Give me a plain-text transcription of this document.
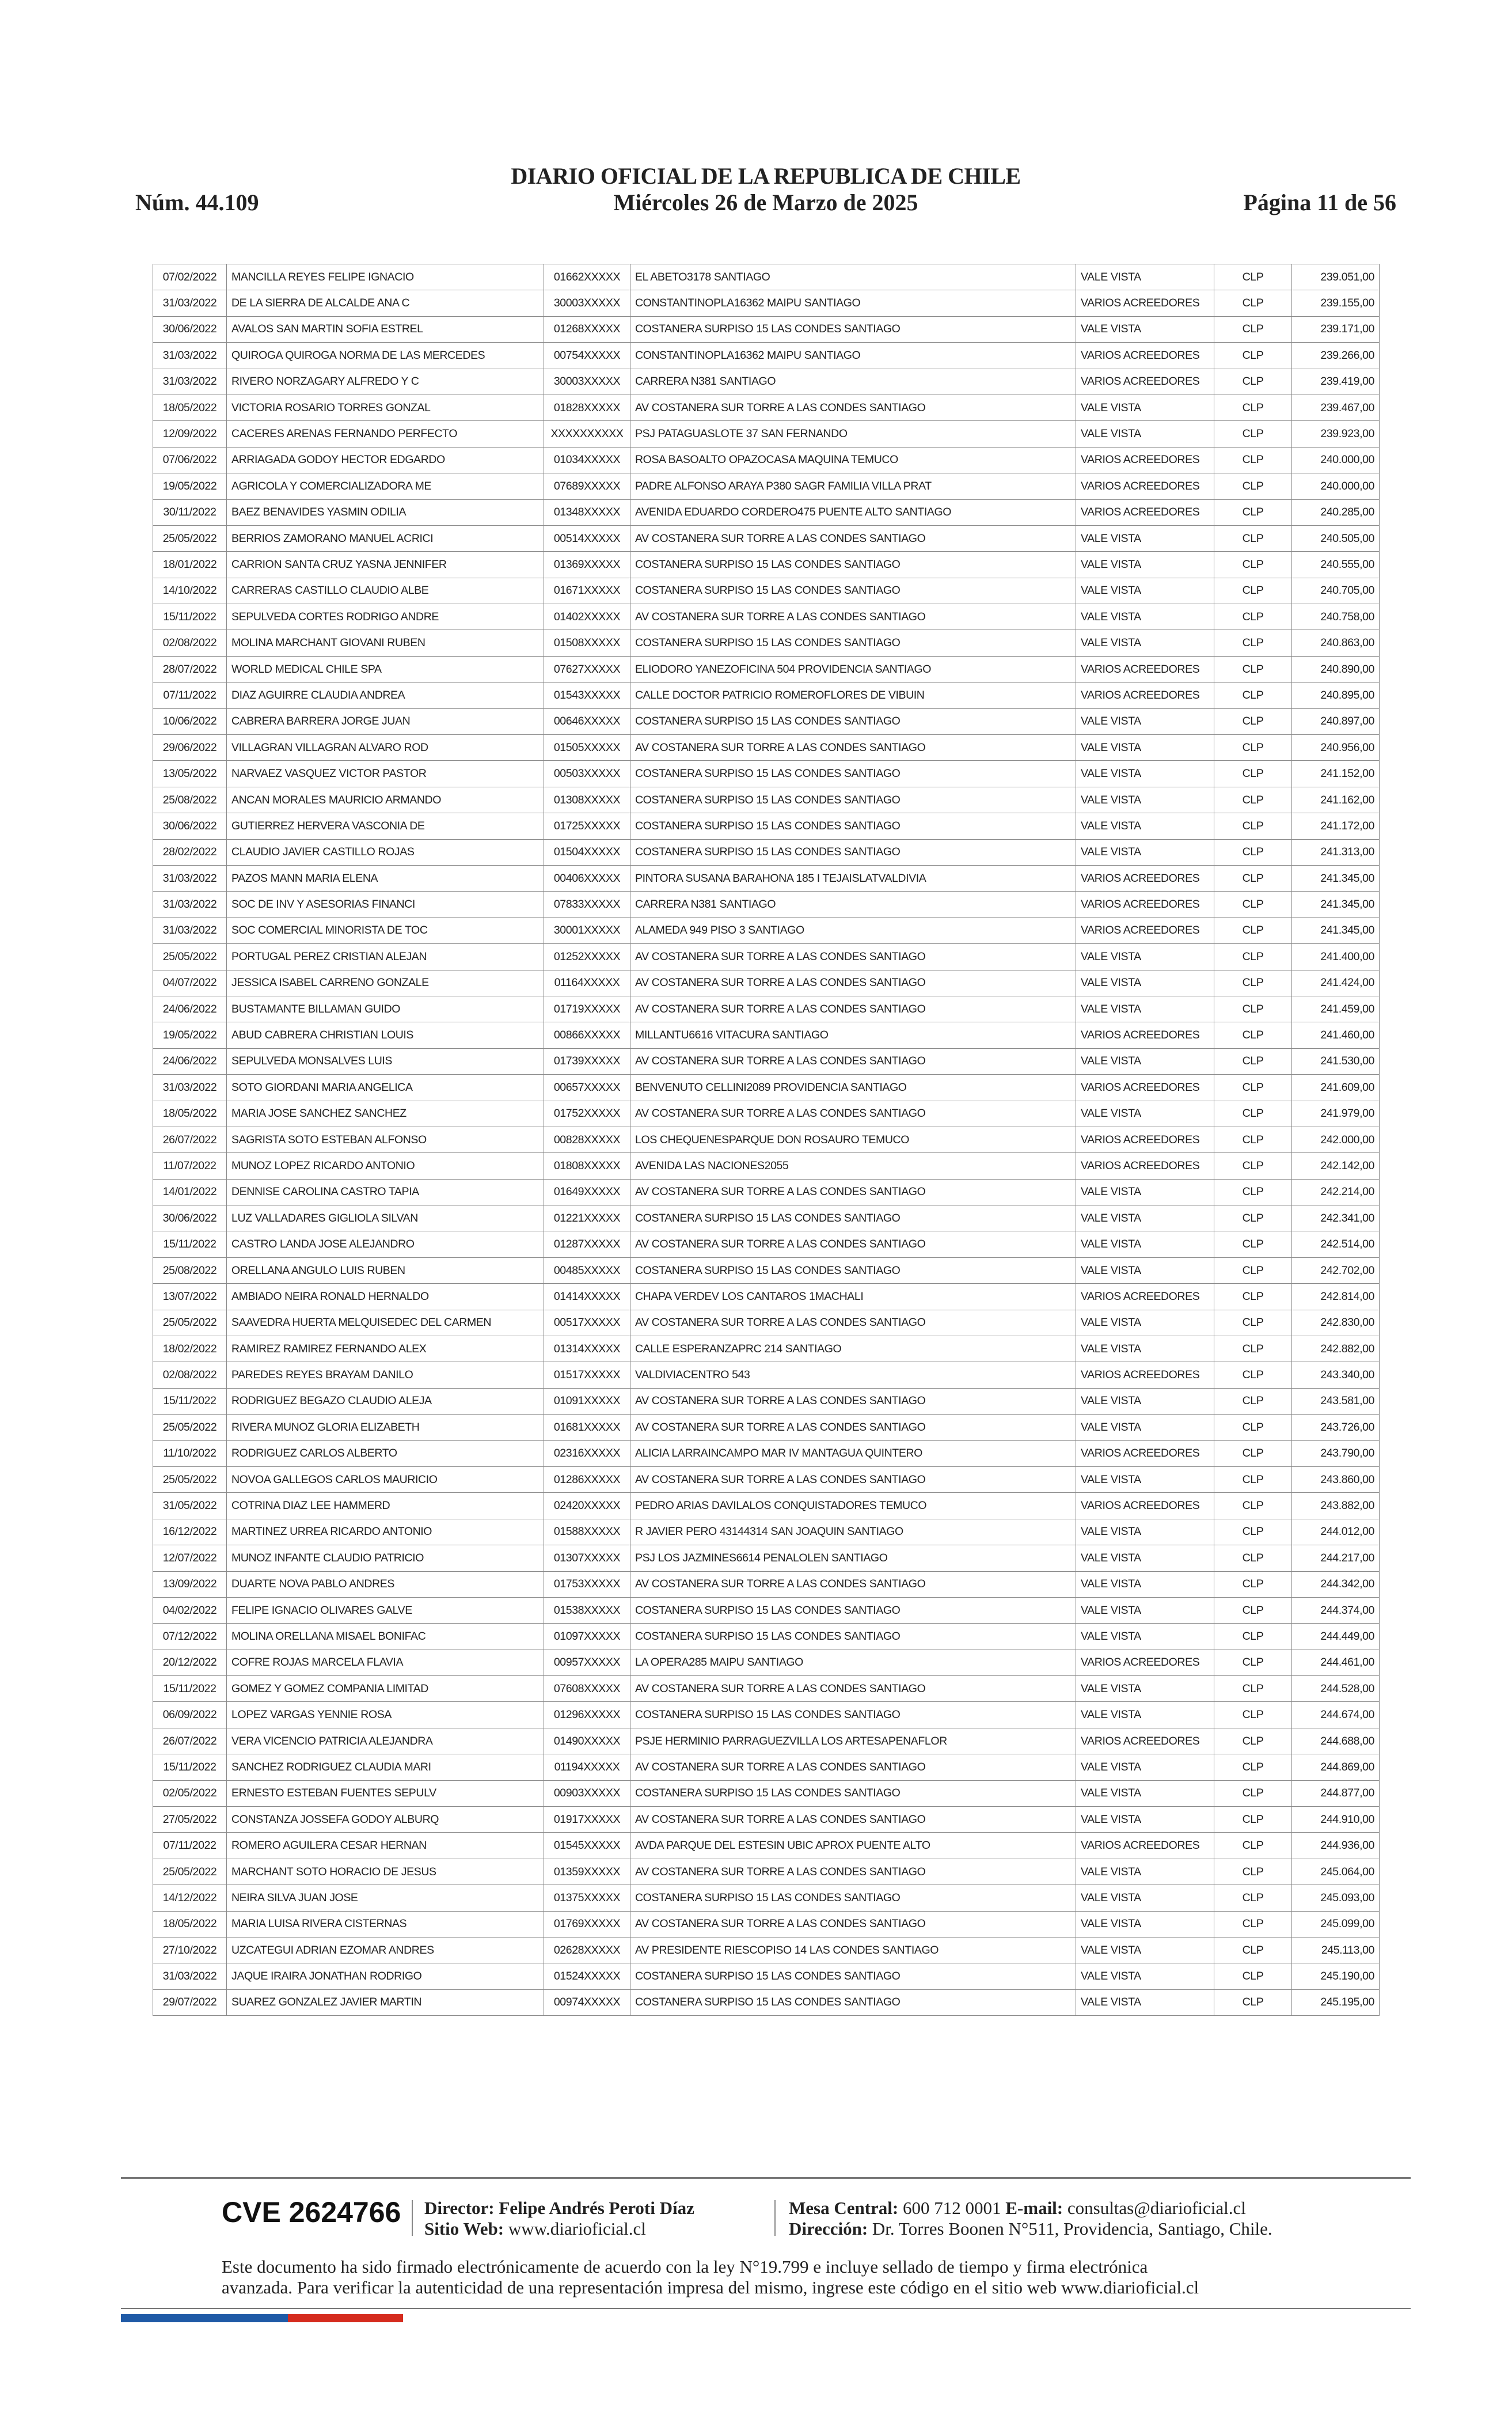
DIARIO OFICIAL DE LA REPUBLICA DE CHILE
Núm. 44.109	Miércoles 26 de Marzo de 2025	Página 11 de 56
07/02/2022	MANCILLA REYES FELIPE IGNACIO	01662XXXXX	EL ABETO3178 SANTIAGO	VALE VISTA	CLP	239.051,00
31/03/2022	DE LA SIERRA DE ALCALDE ANA C	30003XXXXX	CONSTANTINOPLA16362 MAIPU SANTIAGO	VARIOS ACREEDORES	CLP	239.155,00
30/06/2022	AVALOS SAN MARTIN SOFIA ESTREL	01268XXXXX	COSTANERA SURPISO 15 LAS CONDES SANTIAGO	VALE VISTA	CLP	239.171,00
31/03/2022	QUIROGA QUIROGA NORMA DE LAS MERCEDES	00754XXXXX	CONSTANTINOPLA16362 MAIPU SANTIAGO	VARIOS ACREEDORES	CLP	239.266,00
31/03/2022	RIVERO NORZAGARY ALFREDO Y C	30003XXXXX	CARRERA N381 SANTIAGO	VARIOS ACREEDORES	CLP	239.419,00
18/05/2022	VICTORIA ROSARIO TORRES GONZAL	01828XXXXX	AV COSTANERA SUR TORRE A LAS CONDES SANTIAGO	VALE VISTA	CLP	239.467,00
12/09/2022	CACERES ARENAS FERNANDO PERFECTO	XXXXXXXXXX	PSJ PATAGUASLOTE 37 SAN FERNANDO	VALE VISTA	CLP	239.923,00
07/06/2022	ARRIAGADA GODOY HECTOR EDGARDO	01034XXXXX	ROSA BASOALTO OPAZOCASA MAQUINA TEMUCO	VARIOS ACREEDORES	CLP	240.000,00
19/05/2022	AGRICOLA Y COMERCIALIZADORA ME	07689XXXXX	PADRE ALFONSO ARAYA P380 SAGR FAMILIA VILLA PRAT	VARIOS ACREEDORES	CLP	240.000,00
30/11/2022	BAEZ BENAVIDES YASMIN ODILIA	01348XXXXX	AVENIDA EDUARDO CORDERO475 PUENTE ALTO SANTIAGO	VARIOS ACREEDORES	CLP	240.285,00
25/05/2022	BERRIOS ZAMORANO MANUEL ACRICI	00514XXXXX	AV COSTANERA SUR TORRE A LAS CONDES SANTIAGO	VALE VISTA	CLP	240.505,00
18/01/2022	CARRION SANTA CRUZ YASNA JENNIFER	01369XXXXX	COSTANERA SURPISO 15 LAS CONDES SANTIAGO	VALE VISTA	CLP	240.555,00
14/10/2022	CARRERAS CASTILLO CLAUDIO ALBE	01671XXXXX	COSTANERA SURPISO 15 LAS CONDES SANTIAGO	VALE VISTA	CLP	240.705,00
15/11/2022	SEPULVEDA CORTES RODRIGO ANDRE	01402XXXXX	AV COSTANERA SUR TORRE A LAS CONDES SANTIAGO	VALE VISTA	CLP	240.758,00
02/08/2022	MOLINA MARCHANT GIOVANI RUBEN	01508XXXXX	COSTANERA SURPISO 15 LAS CONDES SANTIAGO	VALE VISTA	CLP	240.863,00
28/07/2022	WORLD MEDICAL CHILE SPA	07627XXXXX	ELIODORO YANEZOFICINA 504 PROVIDENCIA SANTIAGO	VARIOS ACREEDORES	CLP	240.890,00
07/11/2022	DIAZ AGUIRRE CLAUDIA ANDREA	01543XXXXX	CALLE DOCTOR PATRICIO ROMEROFLORES DE VIBUIN	VARIOS ACREEDORES	CLP	240.895,00
10/06/2022	CABRERA BARRERA JORGE JUAN	00646XXXXX	COSTANERA SURPISO 15 LAS CONDES SANTIAGO	VALE VISTA	CLP	240.897,00
29/06/2022	VILLAGRAN VILLAGRAN ALVARO ROD	01505XXXXX	AV COSTANERA SUR TORRE A LAS CONDES SANTIAGO	VALE VISTA	CLP	240.956,00
13/05/2022	NARVAEZ VASQUEZ VICTOR PASTOR	00503XXXXX	COSTANERA SURPISO 15 LAS CONDES SANTIAGO	VALE VISTA	CLP	241.152,00
25/08/2022	ANCAN MORALES MAURICIO ARMANDO	01308XXXXX	COSTANERA SURPISO 15 LAS CONDES SANTIAGO	VALE VISTA	CLP	241.162,00
30/06/2022	GUTIERREZ HERVERA VASCONIA DE	01725XXXXX	COSTANERA SURPISO 15 LAS CONDES SANTIAGO	VALE VISTA	CLP	241.172,00
28/02/2022	CLAUDIO JAVIER CASTILLO ROJAS	01504XXXXX	COSTANERA SURPISO 15 LAS CONDES SANTIAGO	VALE VISTA	CLP	241.313,00
31/03/2022	PAZOS MANN MARIA ELENA	00406XXXXX	PINTORA SUSANA BARAHONA 185 I TEJAISLATVALDIVIA	VARIOS ACREEDORES	CLP	241.345,00
31/03/2022	SOC DE INV Y ASESORIAS FINANCI	07833XXXXX	CARRERA N381 SANTIAGO	VARIOS ACREEDORES	CLP	241.345,00
31/03/2022	SOC COMERCIAL MINORISTA DE TOC	30001XXXXX	ALAMEDA 949 PISO 3 SANTIAGO	VARIOS ACREEDORES	CLP	241.345,00
25/05/2022	PORTUGAL PEREZ CRISTIAN ALEJAN	01252XXXXX	AV COSTANERA SUR TORRE A LAS CONDES SANTIAGO	VALE VISTA	CLP	241.400,00
04/07/2022	JESSICA ISABEL CARRENO GONZALE	01164XXXXX	AV COSTANERA SUR TORRE A LAS CONDES SANTIAGO	VALE VISTA	CLP	241.424,00
24/06/2022	BUSTAMANTE BILLAMAN GUIDO	01719XXXXX	AV COSTANERA SUR TORRE A LAS CONDES SANTIAGO	VALE VISTA	CLP	241.459,00
19/05/2022	ABUD CABRERA CHRISTIAN LOUIS	00866XXXXX	MILLANTU6616 VITACURA SANTIAGO	VARIOS ACREEDORES	CLP	241.460,00
24/06/2022	SEPULVEDA MONSALVES LUIS	01739XXXXX	AV COSTANERA SUR TORRE A LAS CONDES SANTIAGO	VALE VISTA	CLP	241.530,00
31/03/2022	SOTO GIORDANI MARIA ANGELICA	00657XXXXX	BENVENUTO CELLINI2089 PROVIDENCIA SANTIAGO	VARIOS ACREEDORES	CLP	241.609,00
18/05/2022	MARIA JOSE SANCHEZ SANCHEZ	01752XXXXX	AV COSTANERA SUR TORRE A LAS CONDES SANTIAGO	VALE VISTA	CLP	241.979,00
26/07/2022	SAGRISTA SOTO ESTEBAN ALFONSO	00828XXXXX	LOS CHEQUENESPARQUE DON ROSAURO TEMUCO	VARIOS ACREEDORES	CLP	242.000,00
11/07/2022	MUNOZ LOPEZ RICARDO ANTONIO	01808XXXXX	AVENIDA LAS NACIONES2055	VARIOS ACREEDORES	CLP	242.142,00
14/01/2022	DENNISE CAROLINA CASTRO TAPIA	01649XXXXX	AV COSTANERA SUR TORRE A LAS CONDES SANTIAGO	VALE VISTA	CLP	242.214,00
30/06/2022	LUZ VALLADARES GIGLIOLA SILVAN	01221XXXXX	COSTANERA SURPISO 15 LAS CONDES SANTIAGO	VALE VISTA	CLP	242.341,00
15/11/2022	CASTRO LANDA JOSE ALEJANDRO	01287XXXXX	AV COSTANERA SUR TORRE A LAS CONDES SANTIAGO	VALE VISTA	CLP	242.514,00
25/08/2022	ORELLANA ANGULO LUIS RUBEN	00485XXXXX	COSTANERA SURPISO 15 LAS CONDES SANTIAGO	VALE VISTA	CLP	242.702,00
13/07/2022	AMBIADO NEIRA RONALD HERNALDO	01414XXXXX	CHAPA VERDEV LOS CANTAROS 1MACHALI	VARIOS ACREEDORES	CLP	242.814,00
25/05/2022	SAAVEDRA HUERTA MELQUISEDEC DEL CARMEN	00517XXXXX	AV COSTANERA SUR TORRE A LAS CONDES SANTIAGO	VALE VISTA	CLP	242.830,00
18/02/2022	RAMIREZ RAMIREZ FERNANDO ALEX	01314XXXXX	CALLE ESPERANZAPRC 214 SANTIAGO	VALE VISTA	CLP	242.882,00
02/08/2022	PAREDES REYES BRAYAM DANILO	01517XXXXX	VALDIVIACENTRO 543	VARIOS ACREEDORES	CLP	243.340,00
15/11/2022	RODRIGUEZ BEGAZO CLAUDIO ALEJA	01091XXXXX	AV COSTANERA SUR TORRE A LAS CONDES SANTIAGO	VALE VISTA	CLP	243.581,00
25/05/2022	RIVERA MUNOZ GLORIA ELIZABETH	01681XXXXX	AV COSTANERA SUR TORRE A LAS CONDES SANTIAGO	VALE VISTA	CLP	243.726,00
11/10/2022	RODRIGUEZ CARLOS ALBERTO	02316XXXXX	ALICIA LARRAINCAMPO MAR IV MANTAGUA QUINTERO	VARIOS ACREEDORES	CLP	243.790,00
25/05/2022	NOVOA GALLEGOS CARLOS MAURICIO	01286XXXXX	AV COSTANERA SUR TORRE A LAS CONDES SANTIAGO	VALE VISTA	CLP	243.860,00
31/05/2022	COTRINA DIAZ LEE HAMMERD	02420XXXXX	PEDRO ARIAS DAVILALOS CONQUISTADORES TEMUCO	VARIOS ACREEDORES	CLP	243.882,00
16/12/2022	MARTINEZ URREA RICARDO ANTONIO	01588XXXXX	R JAVIER PERO 43144314 SAN JOAQUIN SANTIAGO	VALE VISTA	CLP	244.012,00
12/07/2022	MUNOZ INFANTE CLAUDIO PATRICIO	01307XXXXX	PSJ LOS JAZMINES6614 PENALOLEN SANTIAGO	VALE VISTA	CLP	244.217,00
13/09/2022	DUARTE NOVA PABLO ANDRES	01753XXXXX	AV COSTANERA SUR TORRE A LAS CONDES SANTIAGO	VALE VISTA	CLP	244.342,00
04/02/2022	FELIPE IGNACIO OLIVARES GALVE	01538XXXXX	COSTANERA SURPISO 15 LAS CONDES SANTIAGO	VALE VISTA	CLP	244.374,00
07/12/2022	MOLINA ORELLANA MISAEL BONIFAC	01097XXXXX	COSTANERA SURPISO 15 LAS CONDES SANTIAGO	VALE VISTA	CLP	244.449,00
20/12/2022	COFRE ROJAS MARCELA FLAVIA	00957XXXXX	LA OPERA285 MAIPU SANTIAGO	VARIOS ACREEDORES	CLP	244.461,00
15/11/2022	GOMEZ Y GOMEZ COMPANIA LIMITAD	07608XXXXX	AV COSTANERA SUR TORRE A LAS CONDES SANTIAGO	VALE VISTA	CLP	244.528,00
06/09/2022	LOPEZ VARGAS YENNIE ROSA	01296XXXXX	COSTANERA SURPISO 15 LAS CONDES SANTIAGO	VALE VISTA	CLP	244.674,00
26/07/2022	VERA VICENCIO PATRICIA ALEJANDRA	01490XXXXX	PSJE HERMINIO PARRAGUEZVILLA LOS ARTESAPENAFLOR	VARIOS ACREEDORES	CLP	244.688,00
15/11/2022	SANCHEZ RODRIGUEZ CLAUDIA MARI	01194XXXXX	AV COSTANERA SUR TORRE A LAS CONDES SANTIAGO	VALE VISTA	CLP	244.869,00
02/05/2022	ERNESTO ESTEBAN FUENTES SEPULV	00903XXXXX	COSTANERA SURPISO 15 LAS CONDES SANTIAGO	VALE VISTA	CLP	244.877,00
27/05/2022	CONSTANZA JOSSEFA GODOY ALBURQ	01917XXXXX	AV COSTANERA SUR TORRE A LAS CONDES SANTIAGO	VALE VISTA	CLP	244.910,00
07/11/2022	ROMERO AGUILERA CESAR HERNAN	01545XXXXX	AVDA PARQUE DEL ESTESIN UBIC APROX PUENTE ALTO	VARIOS ACREEDORES	CLP	244.936,00
25/05/2022	MARCHANT SOTO HORACIO DE JESUS	01359XXXXX	AV COSTANERA SUR TORRE A LAS CONDES SANTIAGO	VALE VISTA	CLP	245.064,00
14/12/2022	NEIRA SILVA JUAN JOSE	01375XXXXX	COSTANERA SURPISO 15 LAS CONDES SANTIAGO	VALE VISTA	CLP	245.093,00
18/05/2022	MARIA LUISA RIVERA CISTERNAS	01769XXXXX	AV COSTANERA SUR TORRE A LAS CONDES SANTIAGO	VALE VISTA	CLP	245.099,00
27/10/2022	UZCATEGUI ADRIAN EZOMAR ANDRES	02628XXXXX	AV PRESIDENTE RIESCOPISO 14 LAS CONDES SANTIAGO	VALE VISTA	CLP	245.113,00
31/03/2022	JAQUE IRAIRA JONATHAN RODRIGO	01524XXXXX	COSTANERA SURPISO 15 LAS CONDES SANTIAGO	VALE VISTA	CLP	245.190,00
29/07/2022	SUAREZ GONZALEZ JAVIER MARTIN	00974XXXXX	COSTANERA SURPISO 15 LAS CONDES SANTIAGO	VALE VISTA	CLP	245.195,00
CVE 2624766 Director: Felipe Andrés Peroti Díaz
Sitio Web: www.diarioficial.cl
Mesa Central: 600 712 0001 E-mail: consultas@diarioficial.cl
Dirección: Dr. Torres Boonen N°511, Providencia, Santiago, Chile.
Este documento ha sido firmado electrónicamente de acuerdo con la ley N°19.799 e incluye sellado de tiempo y firma electrónica
avanzada. Para verificar la autenticidad de una representación impresa del mismo, ingrese este código en el sitio web www.diarioficial.cl
